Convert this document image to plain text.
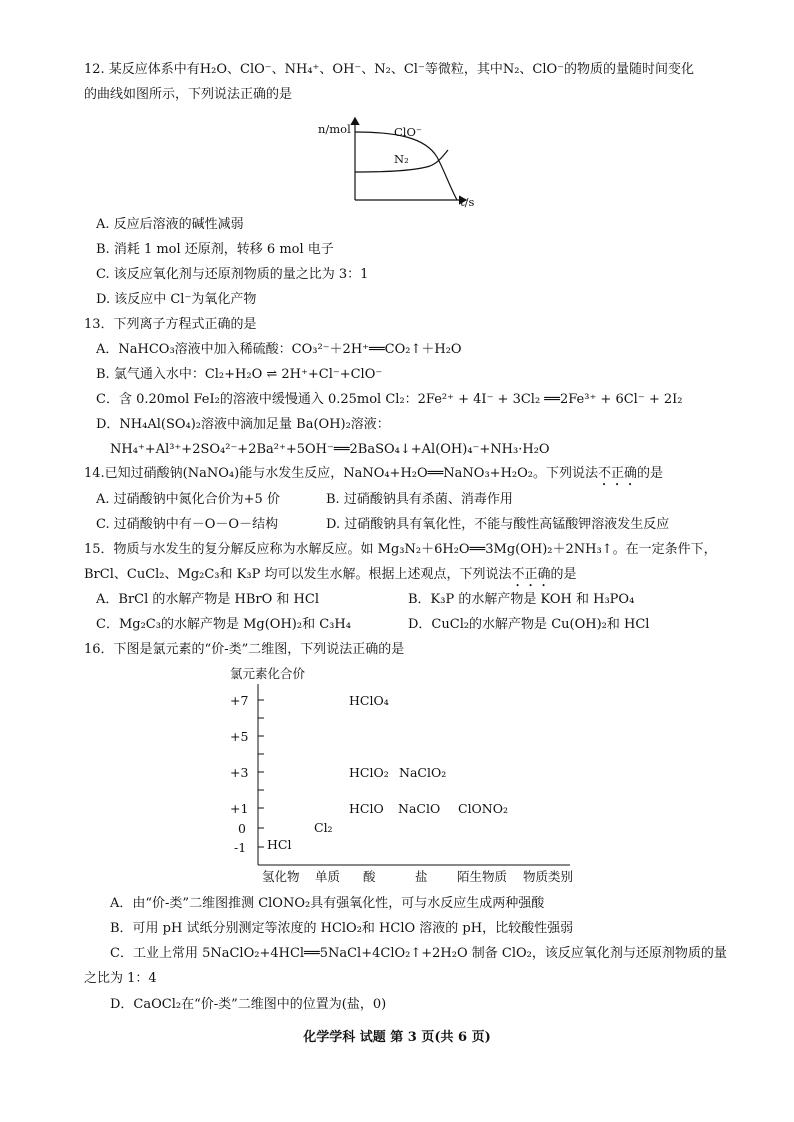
12. 某反应体系中有H₂O、ClO⁻、NH₄⁺、OH⁻、N₂、Cl⁻等微粒，其中N₂、ClO⁻的物质的量随时间变化
的曲线如图所示，下列说法正确的是
n/mol
t/s
ClO⁻
N₂
A. 反应后溶液的碱性减弱
B. 消耗 1 mol 还原剂，转移 6 mol 电子
C. 该反应氧化剂与还原剂物质的量之比为 3：1
D. 该反应中 Cl⁻为氧化产物
13．下列离子方程式正确的是
A．NaHCO₃溶液中加入稀硫酸：CO₃²⁻＋2H⁺══CO₂↑＋H₂O
B. 氯气通入水中：Cl₂+H₂O ⇌ 2H⁺+Cl⁻+ClO⁻
C．含 0.20mol FeI₂的溶液中缓慢通入 0.25mol Cl₂：2Fe²⁺ + 4I⁻ + 3Cl₂ ══2Fe³⁺ + 6Cl⁻ + 2I₂
D．NH₄Al(SO₄)₂溶液中滴加足量 Ba(OH)₂溶液：
NH₄⁺+Al³⁺+2SO₄²⁻+2Ba²⁺+5OH⁻══2BaSO₄↓+Al(OH)₄⁻+NH₃·H₂O
14.已知过硝酸钠(NaNO₄)能与水发生反应，NaNO₄+H₂O══NaNO₃+H₂O₂。下列说法不正确的是
A. 过硝酸钠中氮化合价为+5 价	B. 过硝酸钠具有杀菌、消毒作用
C. 过硝酸钠中有－O－O－结构	D. 过硝酸钠具有氧化性，不能与酸性高锰酸钾溶液发生反应
15．物质与水发生的复分解反应称为水解反应。如 Mg₃N₂＋6H₂O══3Mg(OH)₂＋2NH₃↑。在一定条件下，
BrCl、CuCl₂、Mg₂C₃和 K₃P 均可以发生水解。根据上述观点，下列说法不正确的是
A．BrCl 的水解产物是 HBrO 和 HCl	B．K₃P 的水解产物是 KOH 和 H₃PO₄
C．Mg₂C₃的水解产物是 Mg(OH)₂和 C₃H₄	D．CuCl₂的水解产物是 Cu(OH)₂和 HCl
16．下图是氯元素的“价-类”二维图，下列说法正确的是
氯元素化合价
+7
+5
+3
+1
0
-1
HClO₄
HClO₂ NaClO₂
HClO NaClO ClONO₂
Cl₂
HCl
氢化物 单质 酸	盐 陌生物质 物质类别
A．由“价-类”二维图推测 ClONO₂具有强氧化性，可与水反应生成两种强酸
B．可用 pH 试纸分别测定等浓度的 HClO₂和 HClO 溶液的 pH，比较酸性强弱
C．工业上常用 5NaClO₂+4HCl══5NaCl+4ClO₂↑+2H₂O 制备 ClO₂，该反应氧化剂与还原剂物质的量
之比为 1：4
D．CaOCl₂在“价-类”二维图中的位置为(盐，0)
化学学科 试题 第 3 页(共 6 页)
